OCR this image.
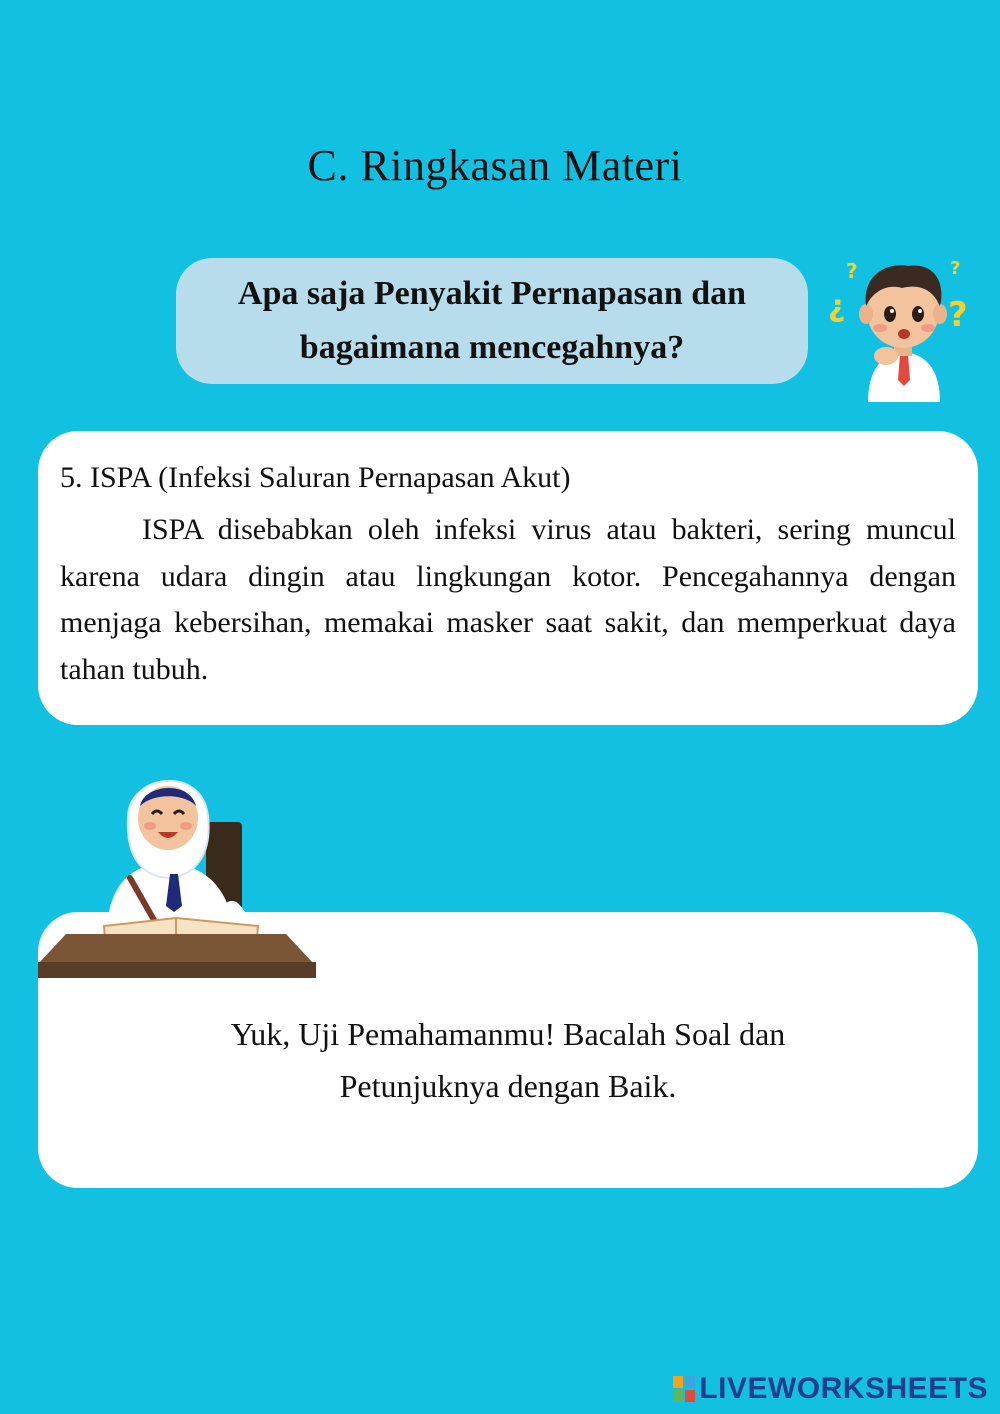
C. Ringkasan Materi
Apa saja Penyakit Pernapasan dan bagaimana mencegahnya?
?
¿
?
?
5. ISPA (Infeksi Saluran Pernapasan Akut)
ISPA disebabkan oleh infeksi virus atau bakteri, sering muncul karena udara dingin atau lingkungan kotor. Pencegahannya dengan menjaga kebersihan, memakai masker saat sakit, dan memperkuat daya tahan tubuh.
Yuk, Uji Pemahamanmu! Bacalah Soal dan
Petunjuknya dengan Baik.
LIVEWORKSHEETS
